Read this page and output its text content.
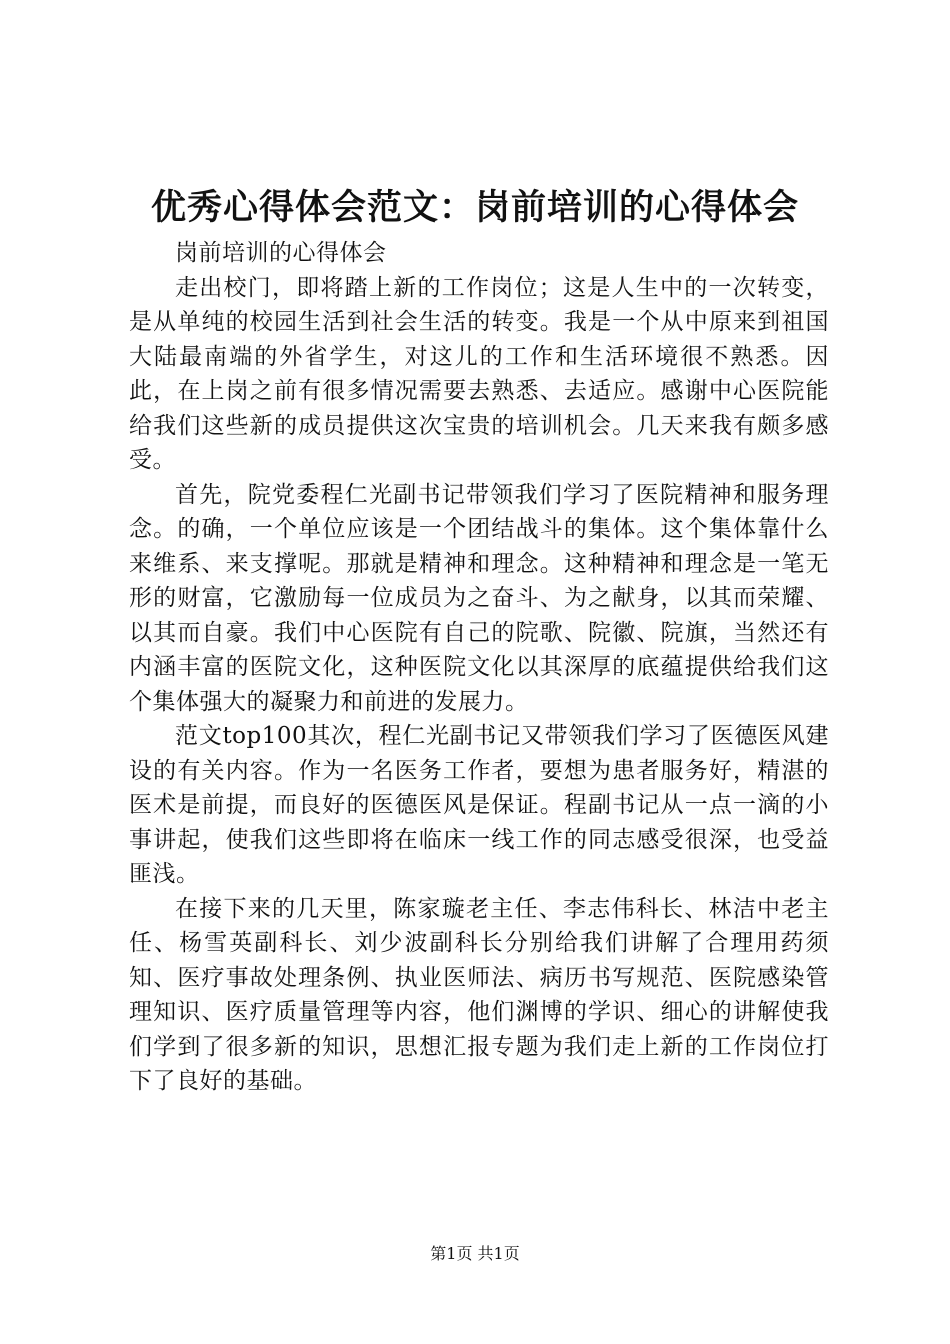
优秀心得体会范文：岗前培训的心得体会

岗前培训的心得体会

走出校门，即将踏上新的工作岗位；这是人生中的一次转变，是从单纯的校园生活到社会生活的转变。我是一个从中原来到祖国大陆最南端的外省学生，对这儿的工作和生活环境很不熟悉。因此，在上岗之前有很多情况需要去熟悉、去适应。感谢中心医院能给我们这些新的成员提供这次宝贵的培训机会。几天来我有颇多感受。

首先，院党委程仁光副书记带领我们学习了医院精神和服务理念。的确，一个单位应该是一个团结战斗的集体。这个集体靠什么来维系、来支撑呢。那就是精神和理念。这种精神和理念是一笔无形的财富，它激励每一位成员为之奋斗、为之献身，以其而荣耀、以其而自豪。我们中心医院有自己的院歌、院徽、院旗，当然还有内涵丰富的医院文化，这种医院文化以其深厚的底蕴提供给我们这个集体强大的凝聚力和前进的发展力。

范文top100其次，程仁光副书记又带领我们学习了医德医风建设的有关内容。作为一名医务工作者，要想为患者服务好，精湛的医术是前提，而良好的医德医风是保证。程副书记从一点一滴的小事讲起，使我们这些即将在临床一线工作的同志感受很深，也受益匪浅。

在接下来的几天里，陈家璇老主任、李志伟科长、林洁中老主任、杨雪英副科长、刘少波副科长分别给我们讲解了合理用药须知、医疗事故处理条例、执业医师法、病历书写规范、医院感染管理知识、医疗质量管理等内容，他们渊博的学识、细心的讲解使我们学到了很多新的知识，思想汇报专题为我们走上新的工作岗位打下了良好的基础。

第1页 共1页
